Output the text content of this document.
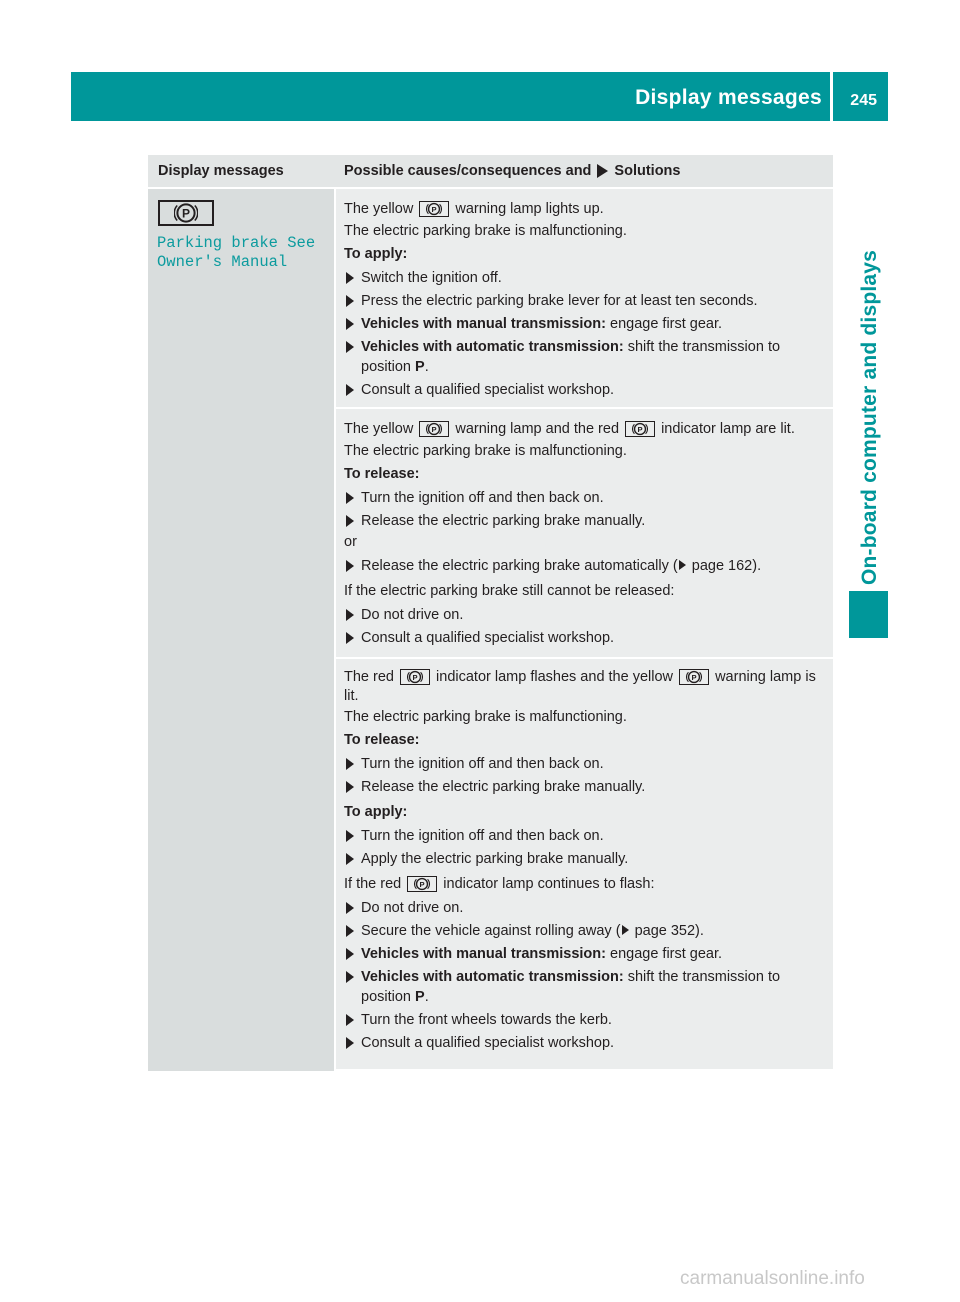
Display messages 245
On-board computer and displays
Display messages	Possible causes/consequences and Solutions
P
Parking brake See
Owner's Manual
The yellow P warning lamp lights up.
The electric parking brake is malfunctioning.
To apply:
Switch the ignition off.
Press the electric parking brake lever for at least ten seconds.
Vehicles with manual transmission: engage first gear.
Vehicles with automatic transmission: shift the transmission to position P.
Consult a qualified specialist workshop.
The yellow P warning lamp and the red P indicator lamp are lit.
The electric parking brake is malfunctioning.
To release:
Turn the ignition off and then back on.
Release the electric parking brake manually.
or
Release the electric parking brake automatically ( page 162).
If the electric parking brake still cannot be released:
Do not drive on.
Consult a qualified specialist workshop.
The red P indicator lamp flashes and the yellow P warning lamp is lit.
The electric parking brake is malfunctioning.
To release:
Turn the ignition off and then back on.
Release the electric parking brake manually.
To apply:
Turn the ignition off and then back on.
Apply the electric parking brake manually.
If the red P indicator lamp continues to flash:
Do not drive on.
Secure the vehicle against rolling away ( page 352).
Vehicles with manual transmission: engage first gear.
Vehicles with automatic transmission: shift the transmission to position P.
Turn the front wheels towards the kerb.
Consult a qualified specialist workshop.
carmanualsonline.info
